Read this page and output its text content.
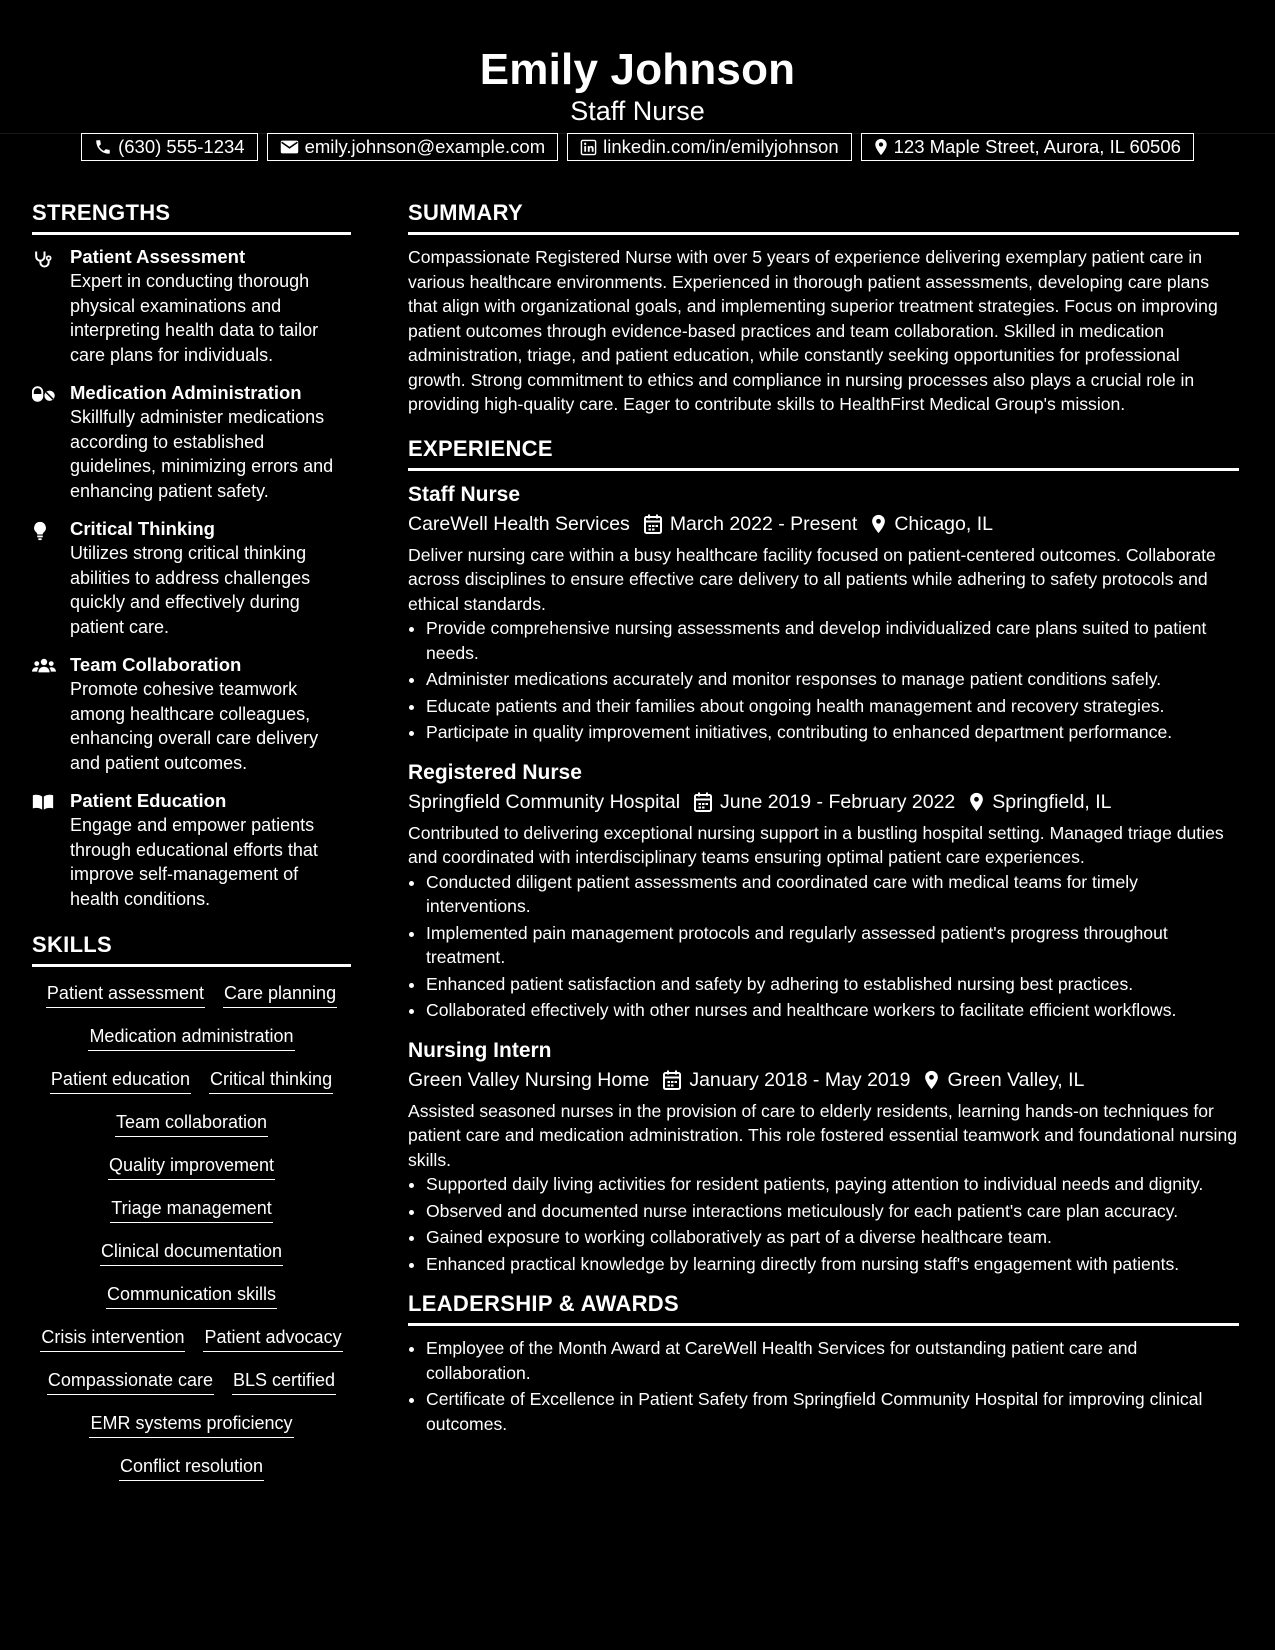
Emily Johnson
Staff Nurse
(630) 555-1234	emily.johnson@example.com	linkedin.com/in/emilyjohnson	123 Maple Street, Aurora, IL 60506
STRENGTHS
Patient Assessment
Expert in conducting thorough physical examinations and interpreting health data to tailor care plans for individuals.
Medication Administration
Skillfully administer medications according to established guidelines, minimizing errors and enhancing patient safety.
Critical Thinking
Utilizes strong critical thinking abilities to address challenges quickly and effectively during patient care.
Team Collaboration
Promote cohesive teamwork among healthcare colleagues, enhancing overall care delivery and patient outcomes.
Patient Education
Engage and empower patients through educational efforts that improve self-management of health conditions.
SKILLS
Patient assessment Care planning
Medication administration
Patient education Critical thinking
Team collaboration
Quality improvement
Triage management
Clinical documentation
Communication skills
Crisis intervention Patient advocacy
Compassionate care BLS certified
EMR systems proficiency
Conflict resolution
SUMMARY

Compassionate Registered Nurse with over 5 years of experience delivering exemplary patient care in various healthcare environments. Experienced in thorough patient assessments, developing care plans that align with organizational goals, and implementing superior treatment strategies. Focus on improving patient outcomes through evidence-based practices and team collaboration. Skilled in medication administration, triage, and patient education, while constantly seeking opportunities for professional growth. Strong commitment to ethics and compliance in nursing processes also plays a crucial role in providing high-quality care. Eager to contribute skills to HealthFirst Medical Group's mission.

EXPERIENCE
Staff Nurse
CareWell Health Services March 2022 - Present Chicago, IL
Deliver nursing care within a busy healthcare facility focused on patient-centered outcomes. Collaborate across disciplines to ensure effective care delivery to all patients while adhering to safety protocols and ethical standards.
• Provide comprehensive nursing assessments and develop individualized care plans suited to patient needs.
• Administer medications accurately and monitor responses to manage patient conditions safely.
• Educate patients and their families about ongoing health management and recovery strategies.
• Participate in quality improvement initiatives, contributing to enhanced department performance.
Registered Nurse
Springfield Community Hospital June 2019 - February 2022 Springfield, IL
Contributed to delivering exceptional nursing support in a bustling hospital setting. Managed triage duties and coordinated with interdisciplinary teams ensuring optimal patient care experiences.
• Conducted diligent patient assessments and coordinated care with medical teams for timely interventions.
• Implemented pain management protocols and regularly assessed patient's progress throughout treatment.
• Enhanced patient satisfaction and safety by adhering to established nursing best practices.
• Collaborated effectively with other nurses and healthcare workers to facilitate efficient workflows.
Nursing Intern
Green Valley Nursing Home January 2018 - May 2019 Green Valley, IL
Assisted seasoned nurses in the provision of care to elderly residents, learning hands-on techniques for patient care and medication administration. This role fostered essential teamwork and foundational nursing skills.
• Supported daily living activities for resident patients, paying attention to individual needs and dignity.
• Observed and documented nurse interactions meticulously for each patient's care plan accuracy.
• Gained exposure to working collaboratively as part of a diverse healthcare team.
• Enhanced practical knowledge by learning directly from nursing staff's engagement with patients.
LEADERSHIP & AWARDS
• Employee of the Month Award at CareWell Health Services for outstanding patient care and collaboration.
• Certificate of Excellence in Patient Safety from Springfield Community Hospital for improving clinical outcomes.
